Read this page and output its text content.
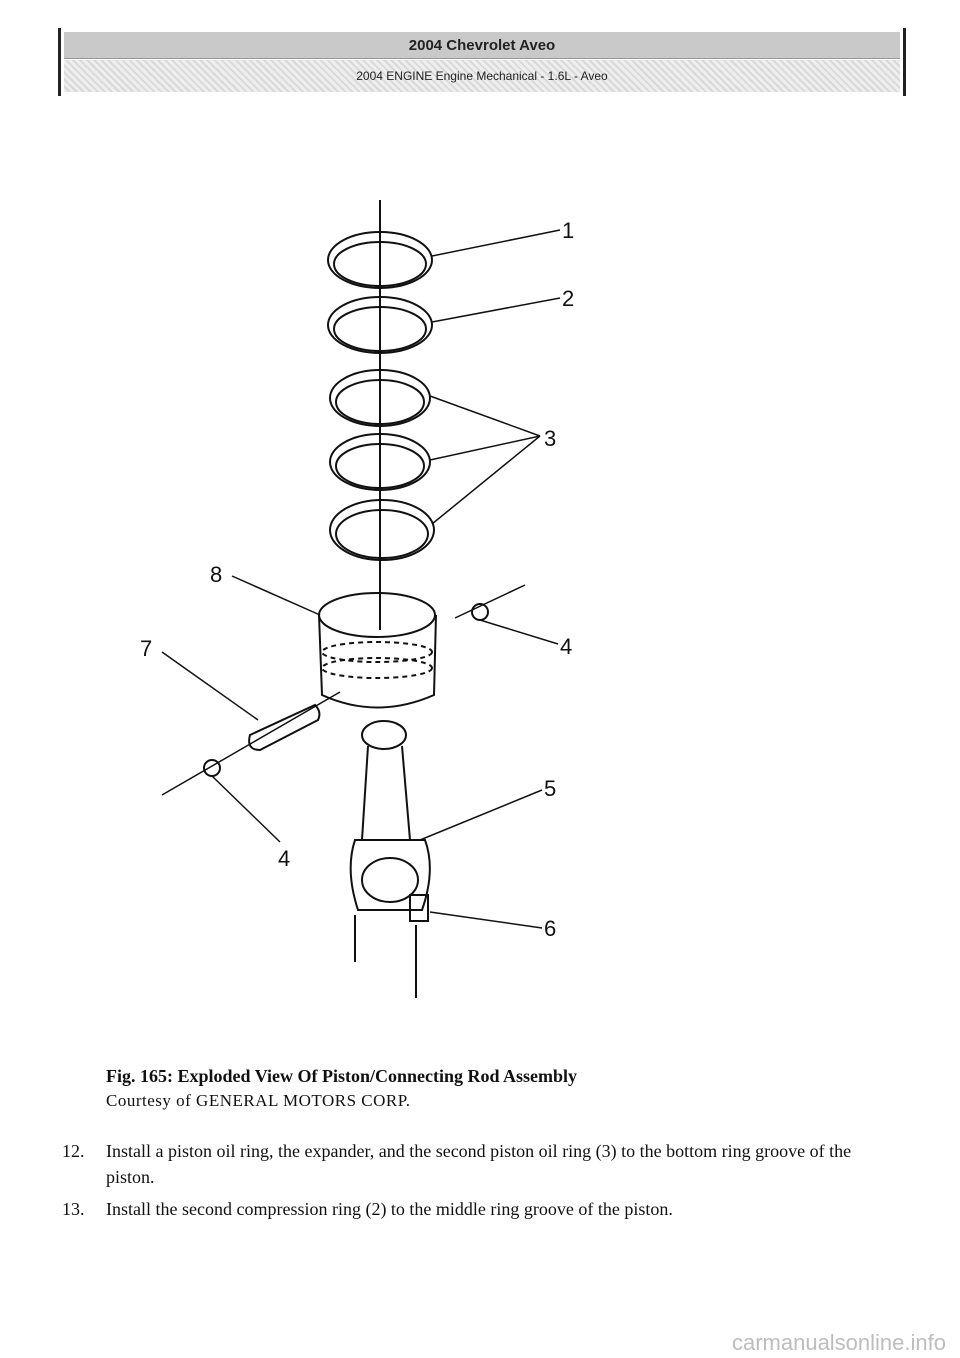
2004 Chevrolet Aveo
2004 ENGINE Engine Mechanical - 1.6L - Aveo
1
2
3
4
5
6
7
8
4
Fig. 165: Exploded View Of Piston/Connecting Rod Assembly
Courtesy of GENERAL MOTORS CORP.
12.	Install a piston oil ring, the expander, and the second piston oil ring (3) to the bottom ring groove of the piston.
13.	Install the second compression ring (2) to the middle ring groove of the piston.
carmanualsonline.info
